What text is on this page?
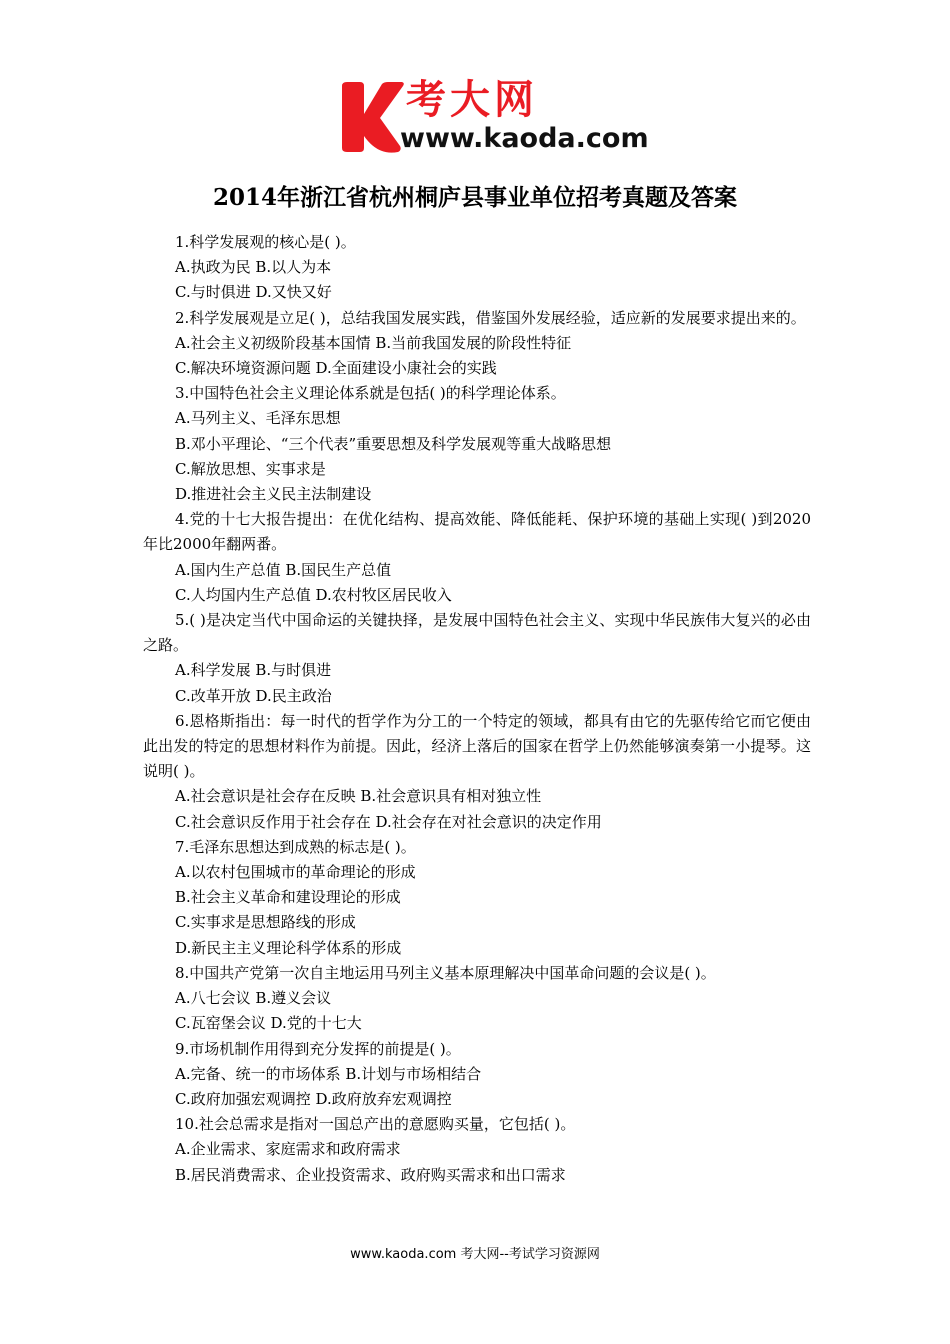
考大网
www.kaoda.com
2014年浙江省杭州桐庐县事业单位招考真题及答案

1.科学发展观的核心是( )。

A.执政为民 B.以人为本

C.与时俱进 D.又快又好

2.科学发展观是立足( )，总结我国发展实践，借鉴国外发展经验，适应新的发展要求提出来的。

A.社会主义初级阶段基本国情 B.当前我国发展的阶段性特征

C.解决环境资源问题 D.全面建设小康社会的实践

3.中国特色社会主义理论体系就是包括( )的科学理论体系。

A.马列主义、毛泽东思想

B.邓小平理论、“三个代表”重要思想及科学发展观等重大战略思想

C.解放思想、实事求是

D.推进社会主义民主法制建设

4.党的十七大报告提出：在优化结构、提高效能、降低能耗、保护环境的基础上实现( )到2020年比2000年翻两番。

A.国内生产总值 B.国民生产总值

C.人均国内生产总值 D.农村牧区居民收入

5.( )是决定当代中国命运的关键抉择，是发展中国特色社会主义、实现中华民族伟大复兴的必由之路。

A.科学发展 B.与时俱进

C.改革开放 D.民主政治

6.恩格斯指出：每一时代的哲学作为分工的一个特定的领域，都具有由它的先驱传给它而它便由此出发的特定的思想材料作为前提。因此，经济上落后的国家在哲学上仍然能够演奏第一小提琴。这说明( )。

A.社会意识是社会存在反映 B.社会意识具有相对独立性

C.社会意识反作用于社会存在 D.社会存在对社会意识的决定作用

7.毛泽东思想达到成熟的标志是( )。

A.以农村包围城市的革命理论的形成

B.社会主义革命和建设理论的形成

C.实事求是思想路线的形成

D.新民主主义理论科学体系的形成

8.中国共产党第一次自主地运用马列主义基本原理解决中国革命问题的会议是( )。

A.八七会议 B.遵义会议

C.瓦窑堡会议 D.党的十七大

9.市场机制作用得到充分发挥的前提是( )。

A.完备、统一的市场体系 B.计划与市场相结合

C.政府加强宏观调控 D.政府放弃宏观调控

10.社会总需求是指对一国总产出的意愿购买量，它包括( )。

A.企业需求、家庭需求和政府需求

B.居民消费需求、企业投资需求、政府购买需求和出口需求

www.kaoda.com 考大网--考试学习资源网
